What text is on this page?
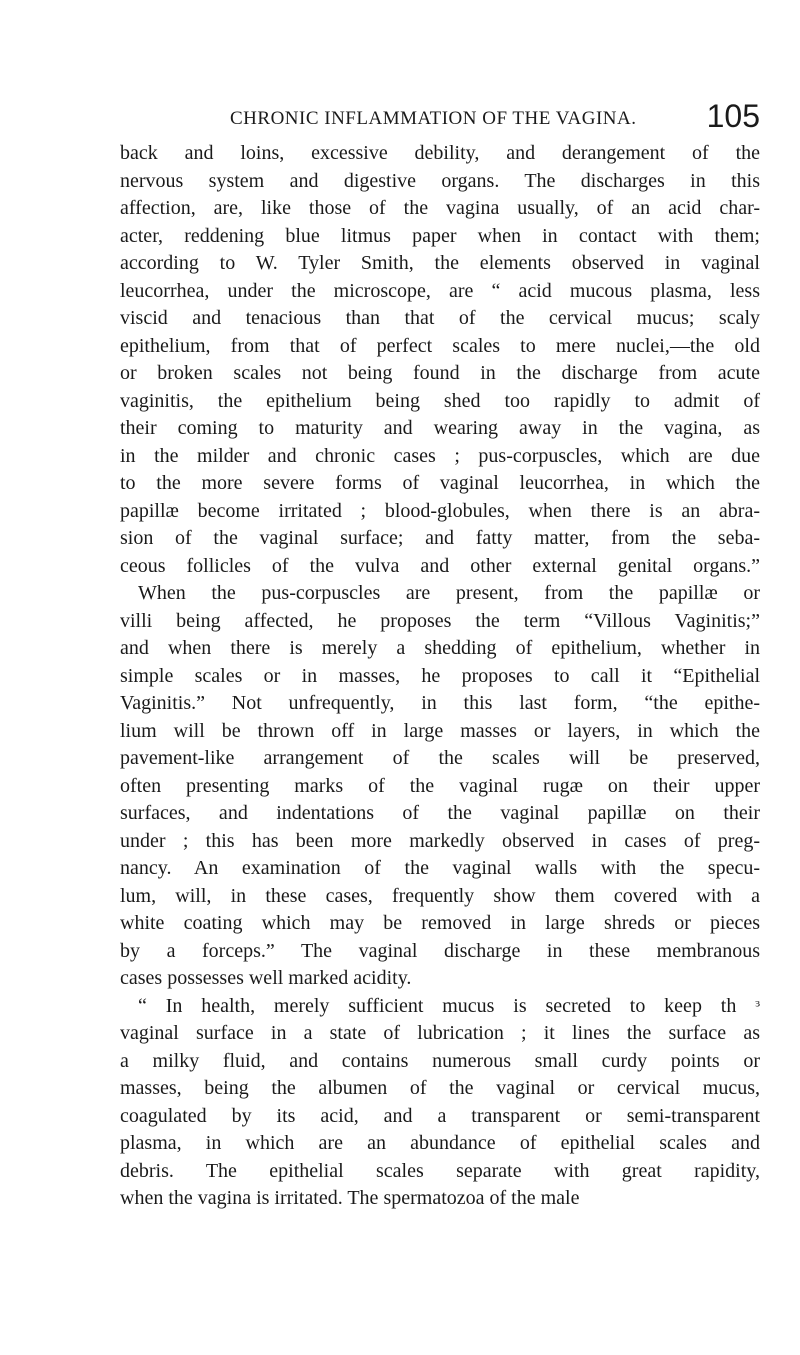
CHRONIC INFLAMMATION OF THE VAGINA. 105
back and loins, excessive debility, and derangement of the
nervous system and digestive organs. The discharges in this
affection, are, like those of the vagina usually, of an acid char-
acter, reddening blue litmus paper when in contact with them;
according to W. Tyler Smith, the elements observed in vaginal
leucorrhea, under the microscope, are “ acid mucous plasma, less
viscid and tenacious than that of the cervical mucus; scaly
epithelium, from that of perfect scales to mere nuclei,—the old
or broken scales not being found in the discharge from acute
vaginitis, the epithelium being shed too rapidly to admit of
their coming to maturity and wearing away in the vagina, as
in the milder and chronic cases ; pus-corpuscles, which are due
to the more severe forms of vaginal leucorrhea, in which the
papillæ become irritated ; blood-globules, when there is an abra-
sion of the vaginal surface; and fatty matter, from the seba-
ceous follicles of the vulva and other external genital organs.”
When the pus-corpuscles are present, from the papillæ or
villi being affected, he proposes the term “Villous Vaginitis;”
and when there is merely a shedding of epithelium, whether in
simple scales or in masses, he proposes to call it “Epithelial
Vaginitis.” Not unfrequently, in this last form, “the epithe-
lium will be thrown off in large masses or layers, in which the
pavement-like arrangement of the scales will be preserved,
often presenting marks of the vaginal rugæ on their upper
surfaces, and indentations of the vaginal papillæ on their
under ; this has been more markedly observed in cases of preg-
nancy. An examination of the vaginal walls with the specu-
lum, will, in these cases, frequently show them covered with a
white coating which may be removed in large shreds or pieces
by a forceps.” The vaginal discharge in these membranous
cases possesses well marked acidity.
“ In health, merely sufficient mucus is secreted to keep th ᵌ
vaginal surface in a state of lubrication ; it lines the surface as
a milky fluid, and contains numerous small curdy points or
masses, being the albumen of the vaginal or cervical mucus,
coagulated by its acid, and a transparent or semi-transparent
plasma, in which are an abundance of epithelial scales and
debris. The epithelial scales separate with great rapidity,
when the vagina is irritated. The spermatozoa of the male
